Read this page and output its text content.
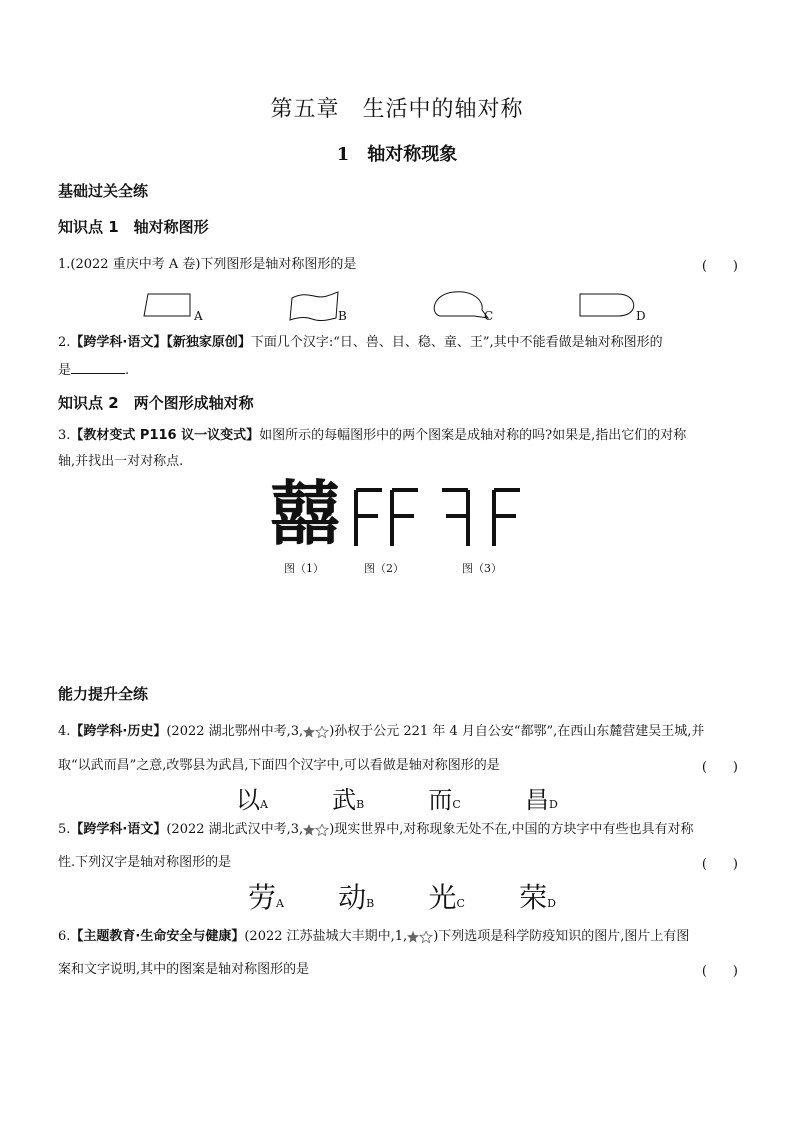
第五章　生活中的轴对称
1　轴对称现象
基础过关全练
知识点 1　轴对称图形
1.(2022 重庆中考 A 卷)下列图形是轴对称图形的是	(　　)
A	B	C	D
2.【跨学科·语文】【新独家原创】下面几个汉字:“日、兽、目、稳、童、王”,其中不能看做是轴对称图形的
是	.
知识点 2　两个图形成轴对称
3.【教材变式 P116 议一议变式】如图所示的每幅图形中的两个图案是成轴对称的吗?如果是,指出它们的对称
轴,并找出一对对称点.
囍
图（1）	图（2）	图（3）
能力提升全练
4.【跨学科·历史】(2022 湖北鄂州中考,3, )孙权于公元 221 年 4 月自公安“都鄂”,在西山东麓营建吴王城,并
取“以武而昌”之意,改鄂县为武昌,下面四个汉字中,可以看做是轴对称图形的是	(　　)
以A	武B	而C	昌D
5.【跨学科·语文】(2022 湖北武汉中考,3, )现实世界中,对称现象无处不在,中国的方块字中有些也具有对称
性.下列汉字是轴对称图形的是	(　　)
劳A 动B 光C 荣D
6.【主题教育·生命安全与健康】(2022 江苏盐城大丰期中,1, )下列选项是科学防疫知识的图片,图片上有图
案和文字说明,其中的图案是轴对称图形的是	(　　)
